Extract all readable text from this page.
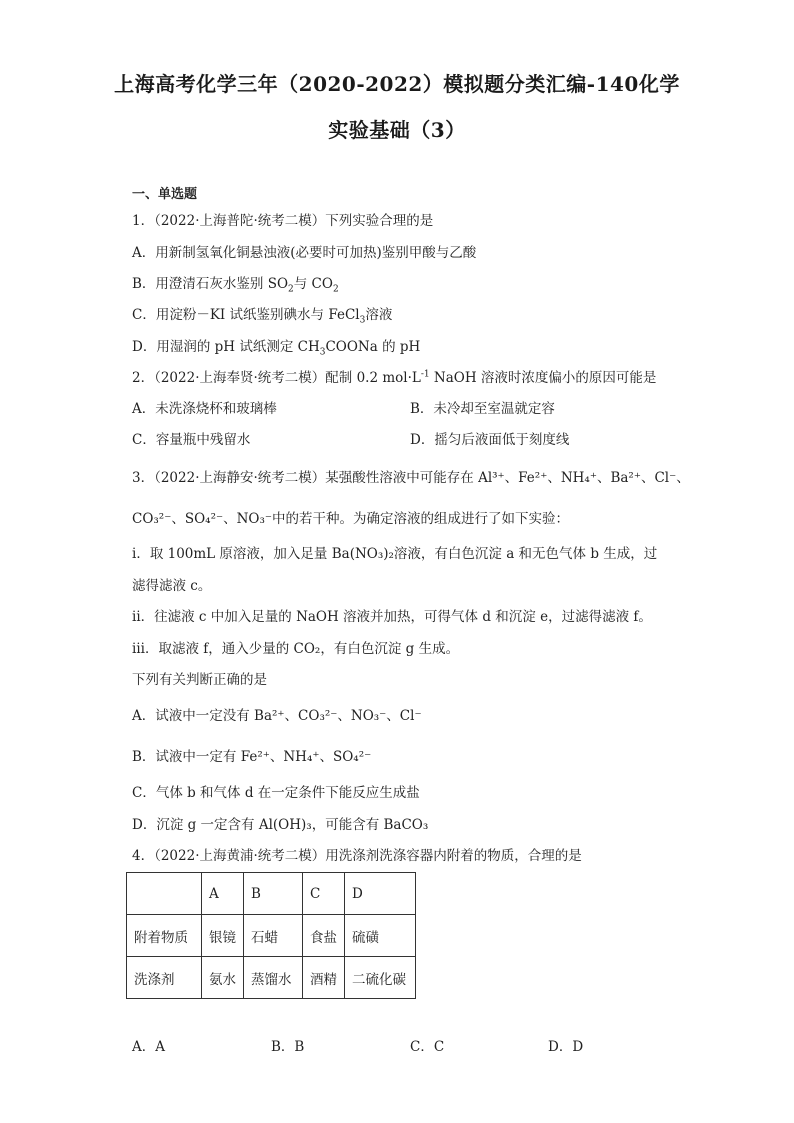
上海高考化学三年（2020-2022）模拟题分类汇编-140化学
实验基础（3）
一、单选题
1．（2022·上海普陀·统考二模）下列实验合理的是
A．用新制氢氧化铜悬浊液(必要时可加热)鉴别甲酸与乙酸
B．用澄清石灰水鉴别 $SO_2$与 $CO_2$
C．用淀粉－KI 试纸鉴别碘水与 FeCl$_3$溶液
D．用湿润的 pH 试纸测定 $CH_3COONa$ 的 pH
2．（2022·上海奉贤·统考二模）配制 0.2 $mol\cdot L^{-1}$ NaOH 溶液时浓度偏小的原因可能是
A．未洗涤烧杯和玻璃棒	B．未冷却至室温就定容
C．容量瓶中残留水	D．摇匀后液面低于刻度线
3．（2022·上海静安·统考二模）某强酸性溶液中可能存在 Al³⁺、Fe²⁺、NH₄⁺、Ba²⁺、Cl⁻、
CO₃²⁻、SO₄²⁻、NO₃⁻中的若干种。为确定溶液的组成进行了如下实验：
ⅰ．取 100mL 原溶液，加入足量 Ba(NO₃)₂溶液，有白色沉淀 a 和无色气体 b 生成，过
滤得滤液 c。
ⅱ．往滤液 c 中加入足量的 NaOH 溶液并加热，可得气体 d 和沉淀 e，过滤得滤液 f。
ⅲ．取滤液 f，通入少量的 CO₂，有白色沉淀 g 生成。
下列有关判断正确的是
A．试液中一定没有 Ba²⁺、CO₃²⁻、NO₃⁻、Cl⁻
B．试液中一定有 Fe²⁺、NH₄⁺、SO₄²⁻
C．气体 b 和气体 d 在一定条件下能反应生成盐
D．沉淀 g 一定含有 Al(OH)₃，可能含有 BaCO₃
4．（2022·上海黄浦·统考二模）用洗涤剂洗涤容器内附着的物质，合理的是
	A	B	C	D
附着物质	银镜	石蜡	食盐	硫磺
洗涤剂	氨水	蒸馏水	酒精	二硫化碳
A．A	B．B	C．C	D．D
